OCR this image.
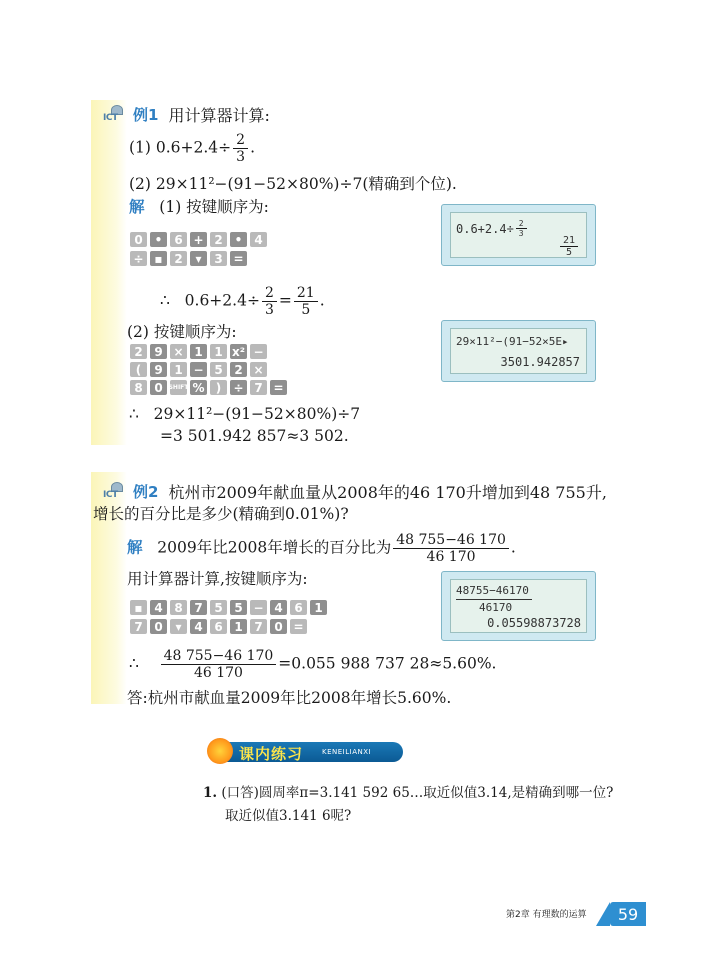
ICT 例1 用计算器计算:
(1) $0.6+2.4\div \frac{2}{3}$ .
(2) 29×11²−(91−52×80%)÷7(精确到个位).
解 (1) 按键顺序为:
0 • 6 + 2 • 4
÷ ▪ 2	▾	3 =
$0.6+2.4\div \frac{2}{3}$
$\frac{21}{5}$
∴ $0.6+2.4\div \frac{2}{3} = \frac{21}{5}$ .
(2) 按键顺序为:
2 9 × 1 1 x² −
(	9 1 − 5 2 ×
8 0 SHIFT % )	÷ 7 =
29×11²−(91−52×5E▸
3501.942857
∴ 29×11²−(91−52×80%)÷7
=3 501.942 857≈3 502.
ICT 例2 杭州市2009年献血量从2008年的46 170升增加到48 755升,
增长的百分比是多少(精确到0.01%)?
解 2009年比2008年增长的百分比为 $\frac{48 755-46 170}{46 170}$ .
用计算器计算,按键顺序为:
▪ 4 8 7 5 5 − 4 6 1
7 0	▾	4 6 1 7 0 =
48755−46170
46170
0.05598873728
∴ $\frac{48 755-46 170}{46 170} =0.055$ 988 737 28≈5.60%.
答:杭州市献血量2009年比2008年增长5.60%.
课内练习	KENEILIANXI
1. (口答)圆周率π=3.141 592 65…取近似值3.14,是精确到哪一位?
取近似值3.141 6呢?
第2章 有理数的运算	59
